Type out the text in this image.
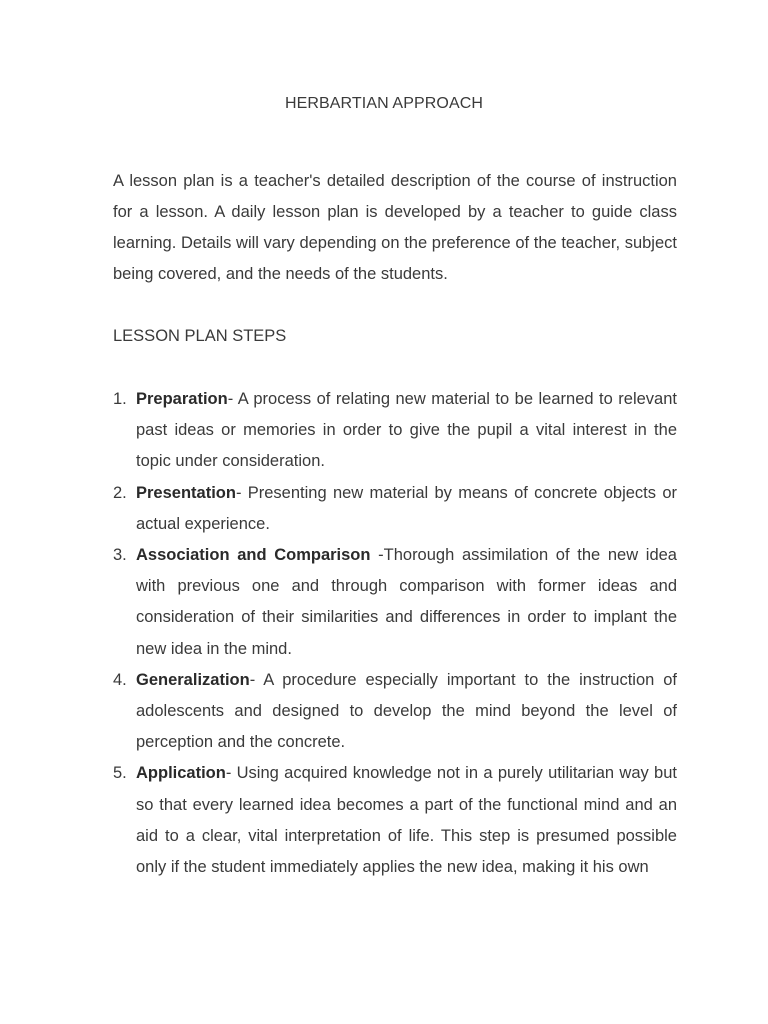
HERBARTIAN APPROACH

A lesson plan is a teacher's detailed description of the course of instruction for a lesson. A daily lesson plan is developed by a teacher to guide class learning. Details will vary depending on the preference of the teacher, subject being covered, and the needs of the students.

LESSON PLAN STEPS

1. Preparation- A process of relating new material to be learned to relevant past ideas or memories in order to give the pupil a vital interest in the topic under consideration.
2. Presentation- Presenting new material by means of concrete objects or actual experience.
3. Association and Comparison -Thorough assimilation of the new idea with previous one and through comparison with former ideas and consideration of their similarities and differences in order to implant the new idea in the mind.
4. Generalization- A procedure especially important to the instruction of adolescents and designed to develop the mind beyond the level of perception and the concrete.
5. Application- Using acquired knowledge not in a purely utilitarian way but so that every learned idea becomes a part of the functional mind and an aid to a clear, vital interpretation of life. This step is presumed possible only if the student immediately applies the new idea, making it his own
